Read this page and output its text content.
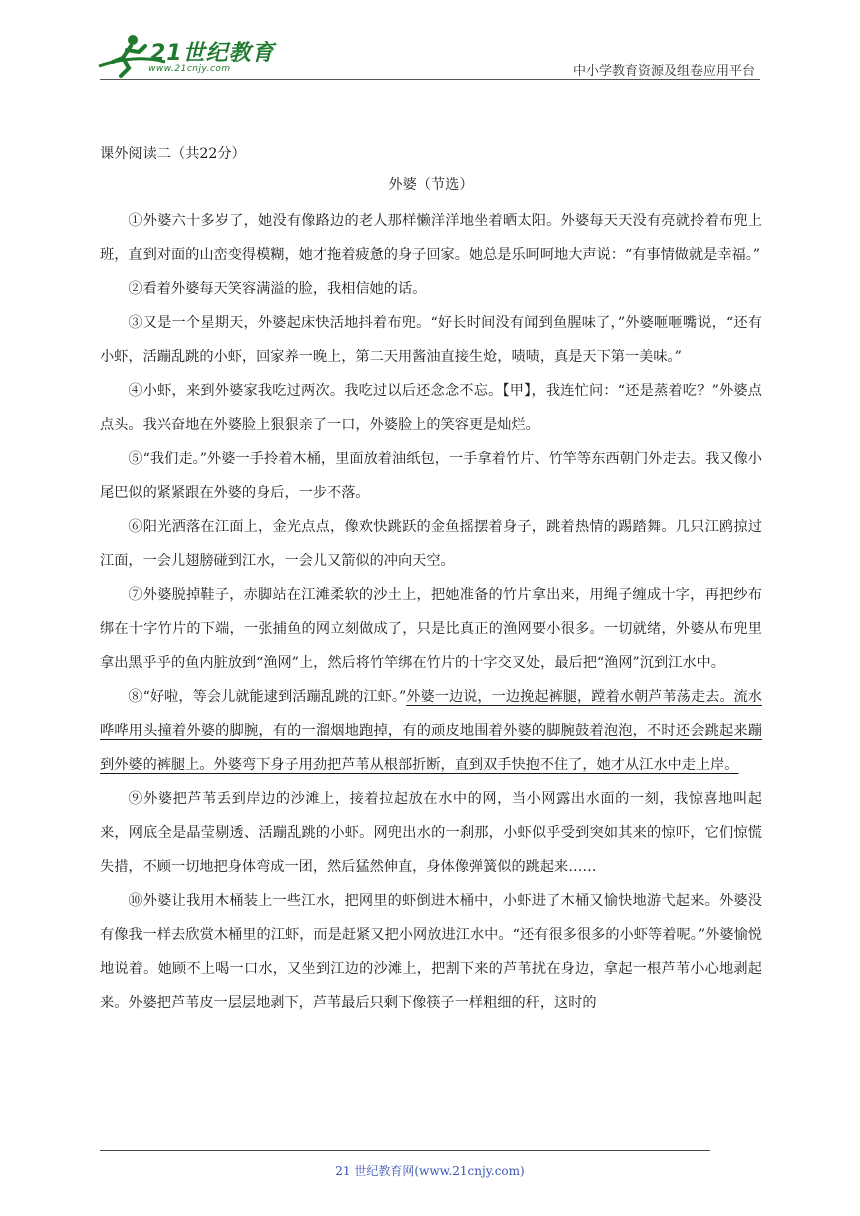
21世纪教育
www.21cnjy.com	中小学教育资源及组卷应用平台
课外阅读二（共22分）
外婆（节选）

①外婆六十多岁了，她没有像路边的老人那样懒洋洋地坐着晒太阳。外婆每天天没有亮就拎着布兜上班，直到对面的山峦变得模糊，她才拖着疲惫的身子回家。她总是乐呵呵地大声说：“有事情做就是幸福。”

②看着外婆每天笑容满溢的脸，我相信她的话。

③又是一个星期天，外婆起床快活地抖着布兜。“好长时间没有闻到鱼腥味了，”外婆咂咂嘴说，“还有小虾，活蹦乱跳的小虾，回家养一晚上，第二天用酱油直接生炝，啧啧，真是天下第一美味。”

④小虾，来到外婆家我吃过两次。我吃过以后还念念不忘。【甲】，我连忙问：“还是蒸着吃？”外婆点点头。我兴奋地在外婆脸上狠狠亲了一口，外婆脸上的笑容更是灿烂。

⑤“我们走。”外婆一手拎着木桶，里面放着油纸包，一手拿着竹片、竹竿等东西朝门外走去。我又像小尾巴似的紧紧跟在外婆的身后，一步不落。

⑥阳光洒落在江面上，金光点点，像欢快跳跃的金鱼摇摆着身子，跳着热情的踢踏舞。几只江鸥掠过江面，一会儿翅膀碰到江水，一会儿又箭似的冲向天空。

⑦外婆脱掉鞋子，赤脚站在江滩柔软的沙土上，把她准备的竹片拿出来，用绳子缠成十字，再把纱布绑在十字竹片的下端，一张捕鱼的网立刻做成了，只是比真正的渔网要小很多。一切就绪，外婆从布兜里拿出黑乎乎的鱼内脏放到“渔网”上，然后将竹竿绑在竹片的十字交叉处，最后把“渔网”沉到江水中。

⑧“好啦，等会儿就能逮到活蹦乱跳的江虾。”外婆一边说，一边挽起裤腿，蹚着水朝芦苇荡走去。流水哗哗用头撞着外婆的脚腕，有的一溜烟地跑掉，有的顽皮地围着外婆的脚腕鼓着泡泡，不时还会跳起来蹦到外婆的裤腿上。外婆弯下身子用劲把芦苇从根部折断，直到双手快抱不住了，她才从江水中走上岸。

⑨外婆把芦苇丢到岸边的沙滩上，接着拉起放在水中的网，当小网露出水面的一刻，我惊喜地叫起来，网底全是晶莹剔透、活蹦乱跳的小虾。网兜出水的一刹那，小虾似乎受到突如其来的惊吓，它们惊慌失措，不顾一切地把身体弯成一团，然后猛然伸直，身体像弹簧似的跳起来……

⑩外婆让我用木桶装上一些江水，把网里的虾倒进木桶中，小虾进了木桶又愉快地游弋起来。外婆没有像我一样去欣赏木桶里的江虾，而是赶紧又把小网放进江水中。“还有很多很多的小虾等着呢。”外婆愉悦地说着。她顾不上喝一口水，又坐到江边的沙滩上，把割下来的芦苇扰在身边，拿起一根芦苇小心地剥起来。外婆把芦苇皮一层层地剥下，芦苇最后只剩下像筷子一样粗细的秆，这时的

21 世纪教育网(www.21cnjy.com)
